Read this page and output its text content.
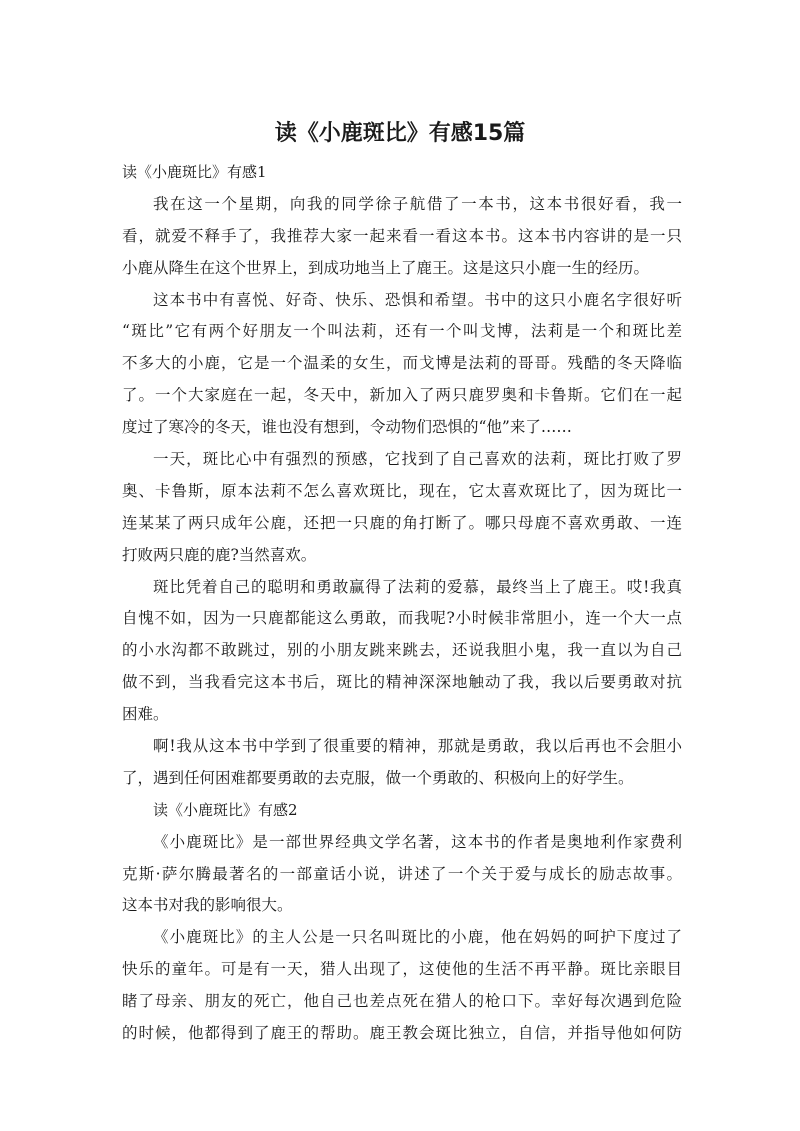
读《小鹿斑比》有感15篇
读《小鹿斑比》有感1
我在这一个星期，向我的同学徐子航借了一本书，这本书很好看，我一
看，就爱不释手了，我推荐大家一起来看一看这本书。这本书内容讲的是一只
小鹿从降生在这个世界上，到成功地当上了鹿王。这是这只小鹿一生的经历。
这本书中有喜悦、好奇、快乐、恐惧和希望。书中的这只小鹿名字很好听
“斑比”它有两个好朋友一个叫法莉，还有一个叫戈博，法莉是一个和斑比差
不多大的小鹿，它是一个温柔的女生，而戈博是法莉的哥哥。残酷的冬天降临
了。一个大家庭在一起，冬天中，新加入了两只鹿罗奥和卡鲁斯。它们在一起
度过了寒冷的冬天，谁也没有想到，令动物们恐惧的“他”来了……
一天，斑比心中有强烈的预感，它找到了自己喜欢的法莉，斑比打败了罗
奥、卡鲁斯，原本法莉不怎么喜欢斑比，现在，它太喜欢斑比了，因为斑比一
连某某了两只成年公鹿，还把一只鹿的角打断了。哪只母鹿不喜欢勇敢、一连
打败两只鹿的鹿?当然喜欢。
斑比凭着自己的聪明和勇敢赢得了法莉的爱慕，最终当上了鹿王。哎!我真
自愧不如，因为一只鹿都能这么勇敢，而我呢?小时候非常胆小，连一个大一点
的小水沟都不敢跳过，别的小朋友跳来跳去，还说我胆小鬼，我一直以为自己
做不到，当我看完这本书后，斑比的精神深深地触动了我，我以后要勇敢对抗
困难。
啊!我从这本书中学到了很重要的精神，那就是勇敢，我以后再也不会胆小
了，遇到任何困难都要勇敢的去克服，做一个勇敢的、积极向上的好学生。
读《小鹿斑比》有感2
《小鹿斑比》是一部世界经典文学名著，这本书的作者是奥地利作家费利
克斯·萨尔腾最著名的一部童话小说，讲述了一个关于爱与成长的励志故事。
这本书对我的影响很大。
《小鹿斑比》的主人公是一只名叫斑比的小鹿，他在妈妈的呵护下度过了
快乐的童年。可是有一天，猎人出现了，这使他的生活不再平静。斑比亲眼目
睹了母亲、朋友的死亡，他自己也差点死在猎人的枪口下。幸好每次遇到危险
的时候，他都得到了鹿王的帮助。鹿王教会斑比独立，自信，并指导他如何防
